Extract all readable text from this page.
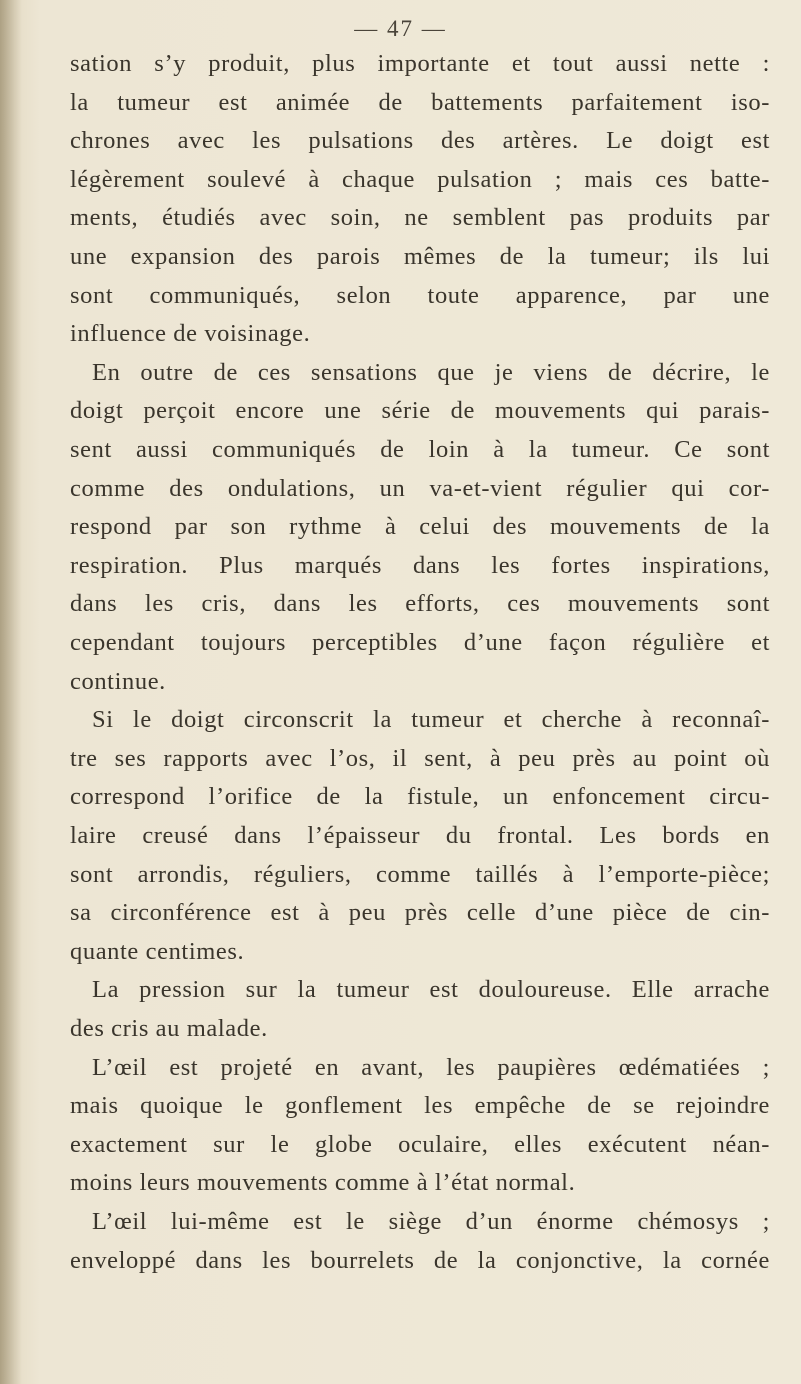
— 47 —
sation s’y produit, plus importante et tout aussi nette :
la tumeur est animée de battements parfaitement iso-
chrones avec les pulsations des artères. Le doigt est
légèrement soulevé à chaque pulsation ; mais ces batte-
ments, étudiés avec soin, ne semblent pas produits par
une expansion des parois mêmes de la tumeur; ils lui
sont communiqués, selon toute apparence, par une
influence de voisinage.
En outre de ces sensations que je viens de décrire, le
doigt perçoit encore une série de mouvements qui parais-
sent aussi communiqués de loin à la tumeur. Ce sont
comme des ondulations, un va-et-vient régulier qui cor-
respond par son rythme à celui des mouvements de la
respiration. Plus marqués dans les fortes inspirations,
dans les cris, dans les efforts, ces mouvements sont
cependant toujours perceptibles d’une façon régulière et
continue.
Si le doigt circonscrit la tumeur et cherche à reconnaî-
tre ses rapports avec l’os, il sent, à peu près au point où
correspond l’orifice de la fistule, un enfoncement circu-
laire creusé dans l’épaisseur du frontal. Les bords en
sont arrondis, réguliers, comme taillés à l’emporte-pièce;
sa circonférence est à peu près celle d’une pièce de cin-
quante centimes.
La pression sur la tumeur est douloureuse. Elle arrache
des cris au malade.
L’œil est projeté en avant, les paupières œdématiées ;
mais quoique le gonflement les empêche de se rejoindre
exactement sur le globe oculaire, elles exécutent néan-
moins leurs mouvements comme à l’état normal.
L’œil lui-même est le siège d’un énorme chémosys ;
enveloppé dans les bourrelets de la conjonctive, la cornée
